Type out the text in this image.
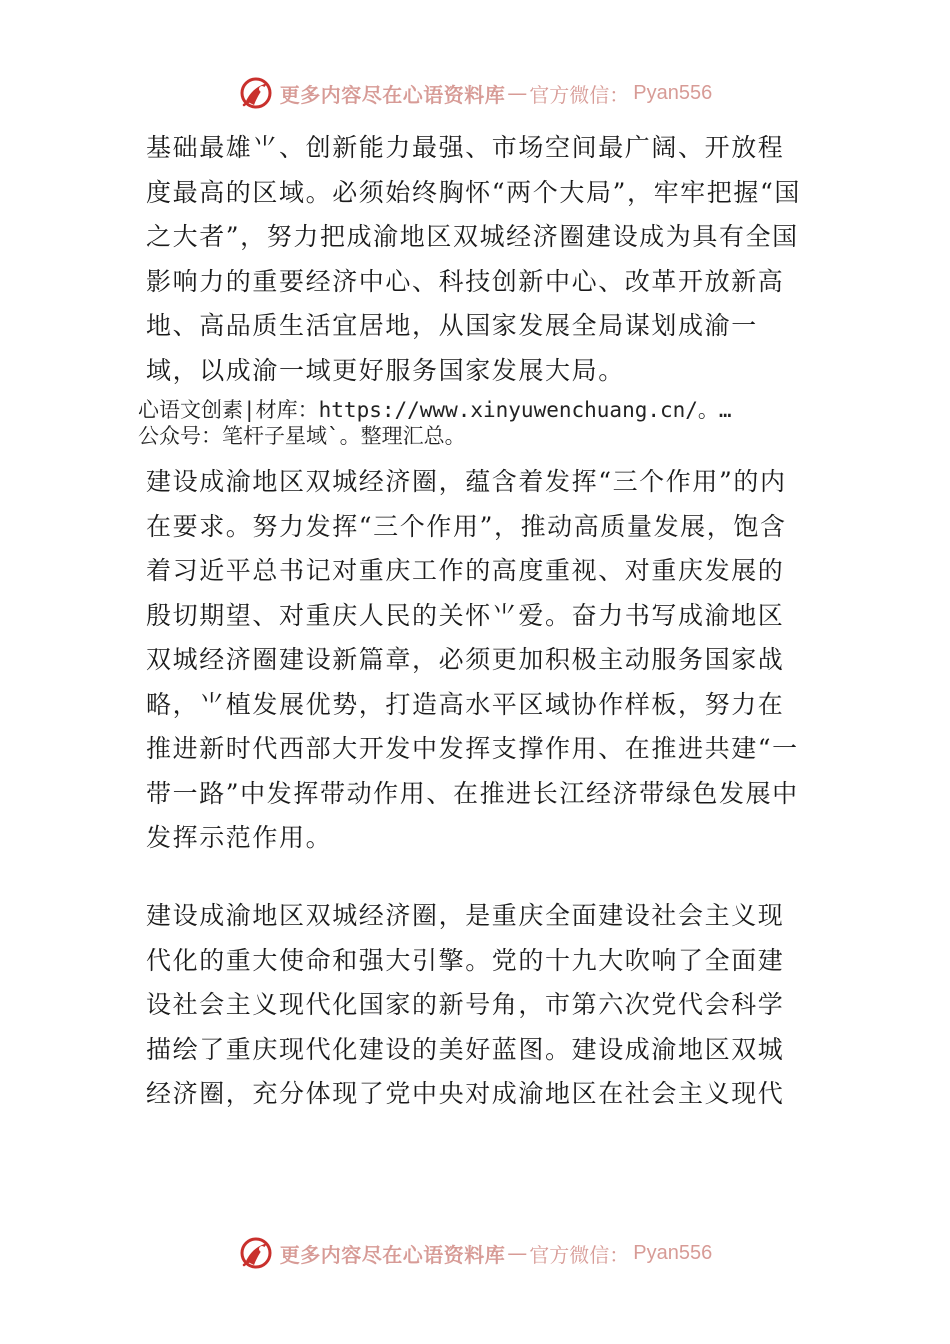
更多内容尽在心语资料库 — 官方微信： Pyan556

基础最雄⺌、创新能力最强、市场空间最广阔、开放程度最高的区域。必须始终胸怀“两个大局”，牢牢把握“国之大者”，努力把成渝地区双城经济圈建设成为具有全国影响力的重要经济中心、科技创新中心、改革开放新高地、高品质生活宜居地，从国家发展全局谋划成渝一域，以成渝一域更好服务国家发展大局。

心语文创素|材库：https://www.xinyuwenchuang.cn/。…
公众号：笔杆子星域`。整理汇总。

建设成渝地区双城经济圈，蕴含着发挥“三个作用”的内在要求。努力发挥“三个作用”，推动高质量发展，饱含着习近平总书记对重庆工作的高度重视、对重庆发展的殷切期望、对重庆人民的关怀⺌爱。奋力书写成渝地区双城经济圈建设新篇章，必须更加积极主动服务国家战略，⺌植发展优势，打造高水平区域协作样板，努力在推进新时代西部大开发中发挥支撑作用、在推进共建“一带一路”中发挥带动作用、在推进长江经济带绿色发展中发挥示范作用。

建设成渝地区双城经济圈，是重庆全面建设社会主义现代化的重大使命和强大引擎。党的十九大吹响了全面建设社会主义现代化国家的新号角，市第六次党代会科学描绘了重庆现代化建设的美好蓝图。建设成渝地区双城经济圈，充分体现了党中央对成渝地区在社会主义现代

更多内容尽在心语资料库 — 官方微信： Pyan556
